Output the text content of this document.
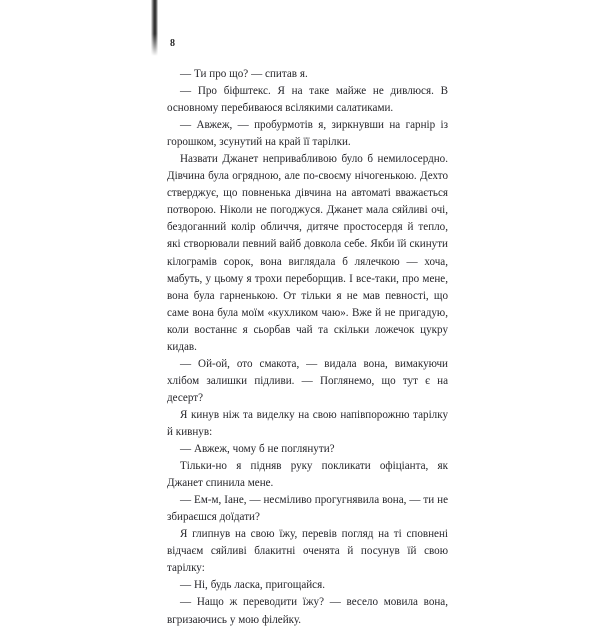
8

— Ти про що? — спитав я.

— Про біфштекс. Я на таке майже не дивлюся. В основному перебиваюся всілякими салатиками.

— Авжеж, — пробурмотів я, зиркнувши на гарнір із горошком, зсунутий на край її тарілки.

Назвати Джанет непривабливою було б немилосердно. Дівчина була огрядною, але по-своєму нічогенькою. Дехто стверджує, що повненька дівчина на автоматі вважається потворою. Ніколи не погоджуся. Джанет мала сяйливі очі, бездоганний колір обличчя, дитяче простосердя й тепло, які створювали певний вайб довкола себе. Якби їй скинути кілограмів сорок, вона виглядала б лялечкою — хоча, мабуть, у цьому я трохи переборщив. І все-таки, про мене, вона була гарненькою. От тільки я не мав певності, що саме вона була моїм «кухликом чаю». Вже й не пригадую, коли востаннє я сьорбав чай та скільки ложечок цукру кидав.

— Ой-ой, ото смакота, — видала вона, вимакуючи хлібом залишки підливи. — Поглянемо, що тут є на десерт?

Я кинув ніж та виделку на свою напівпорожню тарілку й кивнув:

— Авжеж, чому б не поглянути?

Тільки-но я підняв руку покликати офіціанта, як Джанет спинила мене.

— Ем-м, Іане, — несміливо прогугнявила вона, — ти не збираєшся доїдати?

Я глипнув на свою їжу, перевів погляд на ті сповнені відчаєм сяйливі блакитні оченята й посунув їй свою тарілку:

— Ні, будь ласка, пригощайся.

— Нащо ж переводити їжу? — весело мовила вона, вгризаючись у мою філейку.
